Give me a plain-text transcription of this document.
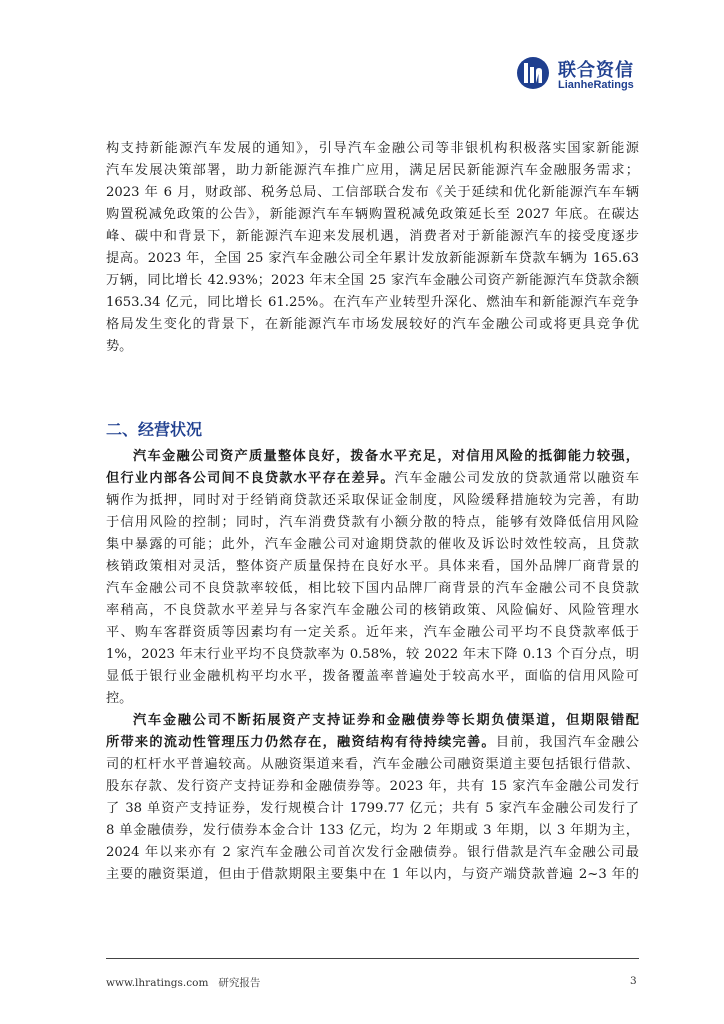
联合资信
LianheRatings
构支持新能源汽车发展的通知》，引导汽车金融公司等非银机构积极落实国家新能源
汽车发展决策部署，助力新能源汽车推广应用，满足居民新能源汽车金融服务需求；
2023 年 6 月，财政部、税务总局、工信部联合发布《关于延续和优化新能源汽车车辆
购置税减免政策的公告》，新能源汽车车辆购置税减免政策延长至 2027 年底。在碳达
峰、碳中和背景下，新能源汽车迎来发展机遇，消费者对于新能源汽车的接受度逐步
提高。2023 年，全国 25 家汽车金融公司全年累计发放新能源新车贷款车辆为 165.63
万辆，同比增长 42.93%；2023 年末全国 25 家汽车金融公司资产新能源汽车贷款余额
1653.34 亿元，同比增长 61.25%。在汽车产业转型升深化、燃油车和新能源汽车竞争
格局发生变化的背景下，在新能源汽车市场发展较好的汽车金融公司或将更具竞争优
势。
二、经营状况
汽车金融公司资产质量整体良好，拨备水平充足，对信用风险的抵御能力较强，
但行业内部各公司间不良贷款水平存在差异。汽车金融公司发放的贷款通常以融资车
辆作为抵押，同时对于经销商贷款还采取保证金制度，风险缓释措施较为完善，有助
于信用风险的控制；同时，汽车消费贷款有小额分散的特点，能够有效降低信用风险
集中暴露的可能；此外，汽车金融公司对逾期贷款的催收及诉讼时效性较高，且贷款
核销政策相对灵活，整体资产质量保持在良好水平。具体来看，国外品牌厂商背景的
汽车金融公司不良贷款率较低，相比较下国内品牌厂商背景的汽车金融公司不良贷款
率稍高，不良贷款水平差异与各家汽车金融公司的核销政策、风险偏好、风险管理水
平、购车客群资质等因素均有一定关系。近年来，汽车金融公司平均不良贷款率低于
1%，2023 年末行业平均不良贷款率为 0.58%，较 2022 年末下降 0.13 个百分点，明
显低于银行业金融机构平均水平，拨备覆盖率普遍处于较高水平，面临的信用风险可
控。
汽车金融公司不断拓展资产支持证券和金融债券等长期负债渠道，但期限错配
所带来的流动性管理压力仍然存在，融资结构有待持续完善。目前，我国汽车金融公
司的杠杆水平普遍较高。从融资渠道来看，汽车金融公司融资渠道主要包括银行借款、
股东存款、发行资产支持证券和金融债券等。2023 年，共有 15 家汽车金融公司发行
了 38 单资产支持证券，发行规模合计 1799.77 亿元；共有 5 家汽车金融公司发行了
8 单金融债券，发行债券本金合计 133 亿元，均为 2 年期或 3 年期，以 3 年期为主，
2024 年以来亦有 2 家汽车金融公司首次发行金融债券。银行借款是汽车金融公司最
主要的融资渠道，但由于借款期限主要集中在 1 年以内，与资产端贷款普遍 2~3 年的
www.lhratings.com 研究报告	3
